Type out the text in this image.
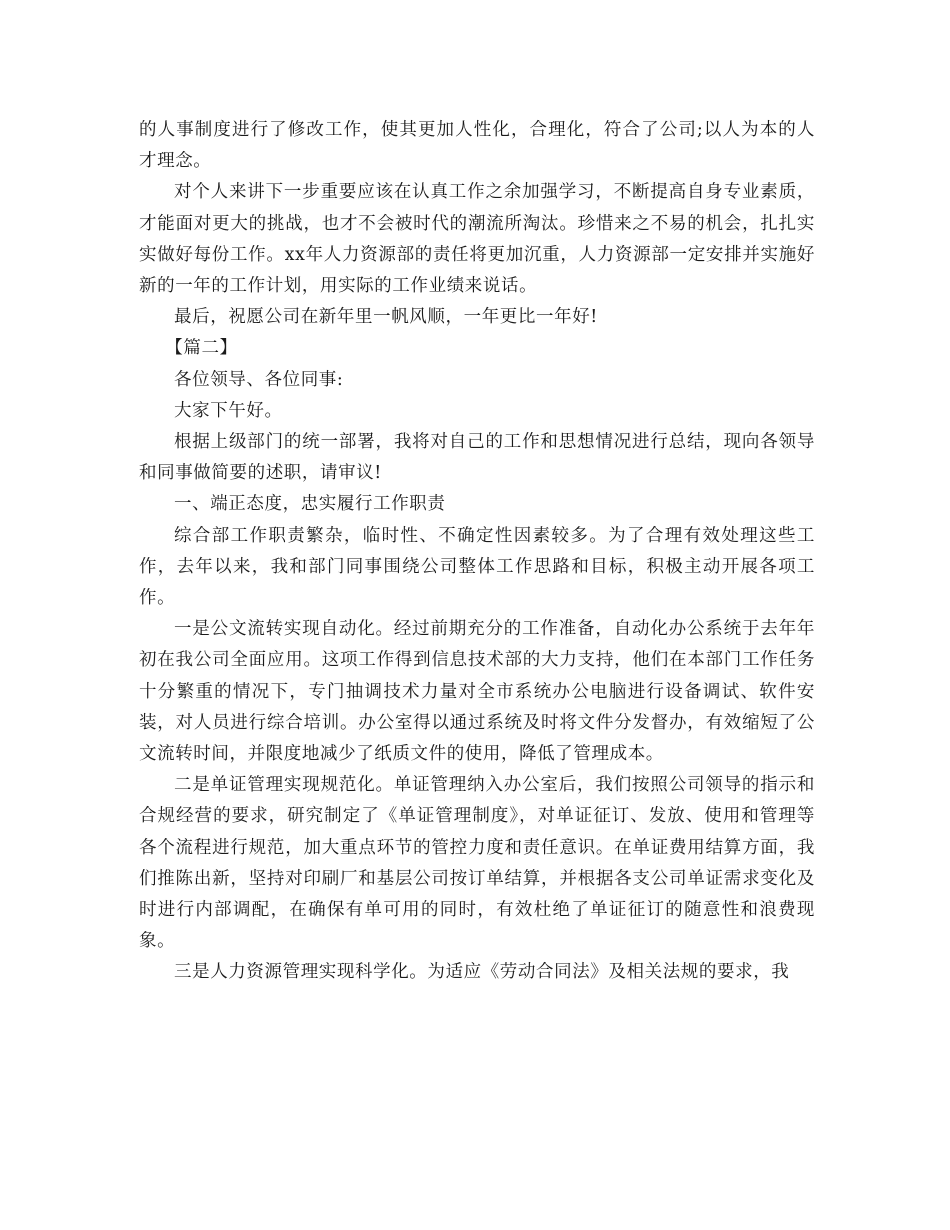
的人事制度进行了修改工作，使其更加人性化，合理化，符合了公司;以人为本的人才理念。

对个人来讲下一步重要应该在认真工作之余加强学习，不断提高自身专业素质，才能面对更大的挑战，也才不会被时代的潮流所淘汰。珍惜来之不易的机会，扎扎实实做好每份工作。xx年人力资源部的责任将更加沉重，人力资源部一定安排并实施好新的一年的工作计划，用实际的工作业绩来说话。

最后，祝愿公司在新年里一帆风顺，一年更比一年好!

【篇二】

各位领导、各位同事:

大家下午好。

根据上级部门的统一部署，我将对自己的工作和思想情况进行总结，现向各领导和同事做简要的述职，请审议!

一、端正态度，忠实履行工作职责

综合部工作职责繁杂，临时性、不确定性因素较多。为了合理有效处理这些工作，去年以来，我和部门同事围绕公司整体工作思路和目标，积极主动开展各项工作。

一是公文流转实现自动化。经过前期充分的工作准备，自动化办公系统于去年年初在我公司全面应用。这项工作得到信息技术部的大力支持，他们在本部门工作任务十分繁重的情况下，专门抽调技术力量对全市系统办公电脑进行设备调试、软件安装，对人员进行综合培训。办公室得以通过系统及时将文件分发督办，有效缩短了公文流转时间，并限度地减少了纸质文件的使用，降低了管理成本。

二是单证管理实现规范化。单证管理纳入办公室后，我们按照公司领导的指示和合规经营的要求，研究制定了《单证管理制度》，对单证征订、发放、使用和管理等各个流程进行规范，加大重点环节的管控力度和责任意识。在单证费用结算方面，我们推陈出新，坚持对印刷厂和基层公司按订单结算，并根据各支公司单证需求变化及时进行内部调配，在确保有单可用的同时，有效杜绝了单证征订的随意性和浪费现象。

三是人力资源管理实现科学化。为适应《劳动合同法》及相关法规的要求，我
